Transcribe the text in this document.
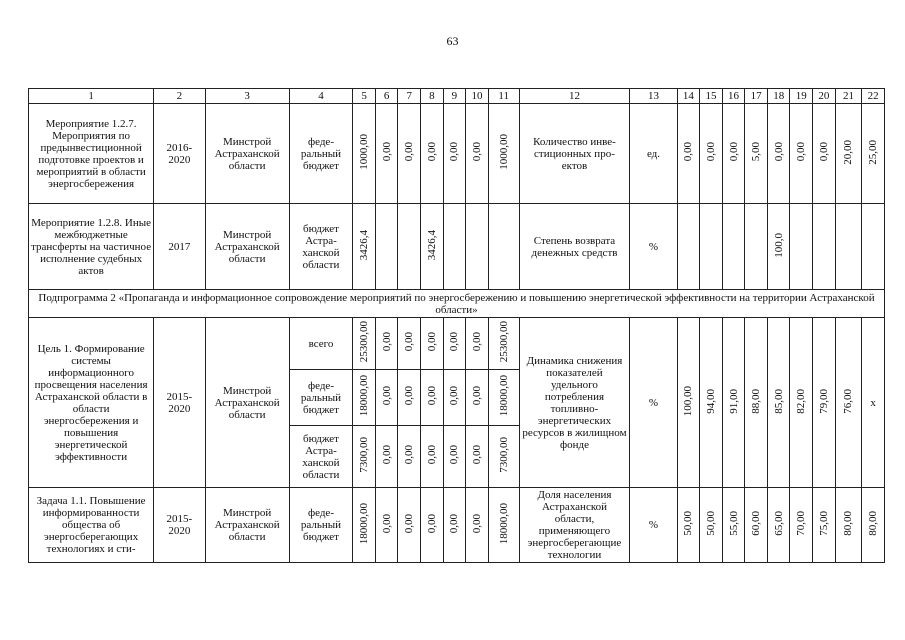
63
1	2	3	4	5	6	7	8	9	10	11	12	13	14	15	16	17	18	19	20	21	22
Мероприятие 1.2.7. Мероприятия по предынвестиционной подготовке проектов и мероприятий в области энергосбережения	2016-2020	Минстрой Астраханской области	феде-ральный бюджет	1000,00	0,00	0,00	0,00	0,00	0,00	1000,00	Количество инве-стиционных про-ектов	ед.	0,00	0,00	0,00	5,00	0,00	0,00	0,00	20,00	25,00
Мероприятие 1.2.8. Иные межбюджетные трансферты на частичное исполнение судебных актов	2017	Минстрой Астраханской области	бюджет Астра-ханской области	3426,4			3426,4				Степень возврата денежных средств	%					100,0				
Подпрограмма 2 «Пропаганда и информационное сопровождение мероприятий по энергосбережению и повышению энергетической эффективности на территории Астраханской области»																					
Цель 1. Формирование системы информационного просвещения населения Астраханской области в области энергосбережения и повышения энергетической эффективности	2015-2020	Минстрой Астраханской области	всего	25300,00	0,00	0,00	0,00	0,00	0,00	25300,00	Динамика снижения показателей удельного потребления топливно-энергетических ресурсов в жилищном фонде	%	100,00	94,00	91,00	88,00	85,00	82,00	79,00	76,00	х
			феде-ральный бюджет	18000,00	0,00	0,00	0,00	0,00	0,00	18000,00											
			бюджет Астра-ханской области	7300,00	0,00	0,00	0,00	0,00	0,00	7300,00											
Задача 1.1. Повышение информированности общества об энергосберегающих технологиях и сти-	2015-2020	Минстрой Астраханской области	феде-ральный бюджет	18000,00	0,00	0,00	0,00	0,00	0,00	18000,00	Доля населения Астраханской области, применяющего энергосберегающие технологии	%	50,00	50,00	55,00	60,00	65,00	70,00	75,00	80,00	80,00
